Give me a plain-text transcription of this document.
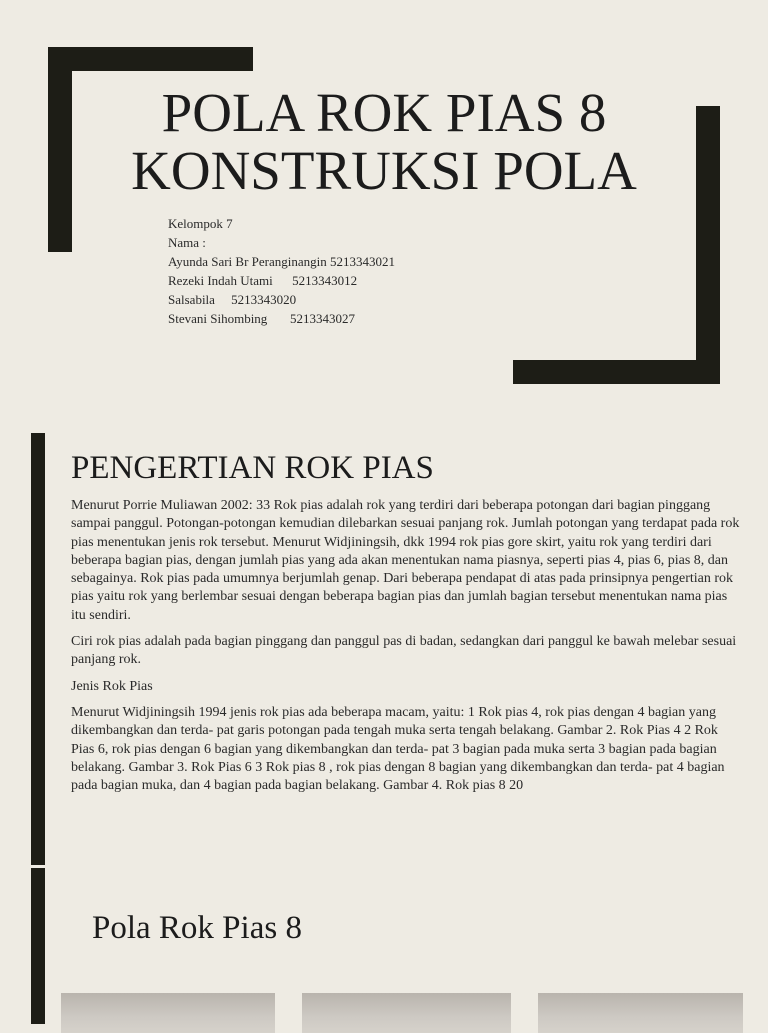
POLA ROK PIAS 8
KONSTRUKSI POLA
Kelompok 7
Nama :
Ayunda Sari Br Peranginangin 5213343021
Rezeki Indah Utami      5213343012
Salsabila     5213343020
Stevani Sihombing       5213343027
PENGERTIAN ROK PIAS

Menurut Porrie Muliawan 2002: 33 Rok pias adalah rok yang terdiri dari beberapa potongan dari bagian pinggang sampai panggul. Potongan-potongan kemudian dilebarkan sesuai panjang rok. Jumlah potongan yang terdapat pada rok pias menentukan jenis rok tersebut. Menurut Widjiningsih, dkk 1994 rok pias gore skirt, yaitu rok yang terdiri dari beberapa bagian pias, dengan jumlah pias yang ada akan menentukan nama piasnya, seperti pias 4, pias 6, pias 8, dan sebagainya. Rok pias pada umumnya berjumlah genap. Dari beberapa pendapat di atas pada prinsipnya pengertian rok pias yaitu rok yang berlembar sesuai dengan beberapa bagian pias dan jumlah bagian tersebut menentukan nama pias itu sendiri.

Ciri rok pias adalah pada bagian pinggang dan panggul pas di badan, sedangkan dari panggul ke bawah melebar sesuai panjang rok.

Jenis Rok Pias

Menurut Widjiningsih 1994 jenis rok pias ada beberapa macam, yaitu: 1 Rok pias 4, rok pias dengan 4 bagian yang dikembangkan dan terda- pat garis potongan pada tengah muka serta tengah belakang. Gambar 2. Rok Pias 4 2 Rok Pias 6, rok pias dengan 6 bagian yang dikembangkan dan terda- pat 3 bagian pada muka serta 3 bagian pada bagian belakang. Gambar 3. Rok Pias 6 3 Rok pias 8 , rok pias dengan 8 bagian yang dikembangkan dan terda- pat 4 bagian pada bagian muka, dan 4 bagian pada bagian belakang. Gambar 4. Rok pias 8 20

Pola Rok Pias 8
